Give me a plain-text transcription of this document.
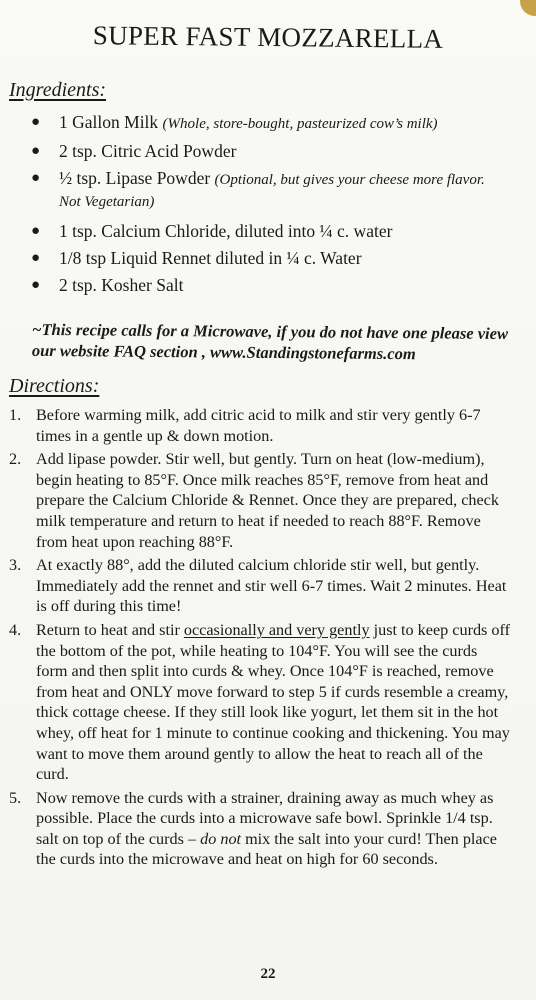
SUPER FAST MOZZARELLA
Ingredients:
● 1 Gallon Milk (Whole, store-bought, pasteurized cow’s milk)
● 2 tsp. Citric Acid Powder
● ½ tsp. Lipase Powder (Optional, but gives your cheese more flavor. Not Vegetarian)
● 1 tsp. Calcium Chloride, diluted into ¼ c. water
● 1/8 tsp Liquid Rennet diluted in ¼ c. Water
● 2 tsp. Kosher Salt
~This recipe calls for a Microwave, if you do not have one please view our website FAQ section , www.Standingstonefarms.com
Directions:
1. Before warming milk, add citric acid to milk and stir very gently 6-7 times in a gentle up & down motion.
2. Add lipase powder. Stir well, but gently. Turn on heat (low-medium), begin heating to 85°F. Once milk reaches 85°F, remove from heat and prepare the Calcium Chloride & Rennet. Once they are prepared, check milk temperature and return to heat if needed to reach 88°F. Remove from heat upon reaching 88°F.
3. At exactly 88°, add the diluted calcium chloride stir well, but gently. Immediately add the rennet and stir well 6-7 times. Wait 2 minutes. Heat is off during this time!
4. Return to heat and stir occasionally and very gently just to keep curds off the bottom of the pot, while heating to 104°F. You will see the curds form and then split into curds & whey. Once 104°F is reached, remove from heat and ONLY move forward to step 5 if curds resemble a creamy, thick cottage cheese. If they still look like yogurt, let them sit in the hot whey, off heat for 1 minute to continue cooking and thickening. You may want to move them around gently to allow the heat to reach all of the curd.
5. Now remove the curds with a strainer, draining away as much whey as possible. Place the curds into a microwave safe bowl. Sprinkle 1/4 tsp. salt on top of the curds – do not mix the salt into your curd! Then place the curds into the microwave and heat on high for 60 seconds.
22
